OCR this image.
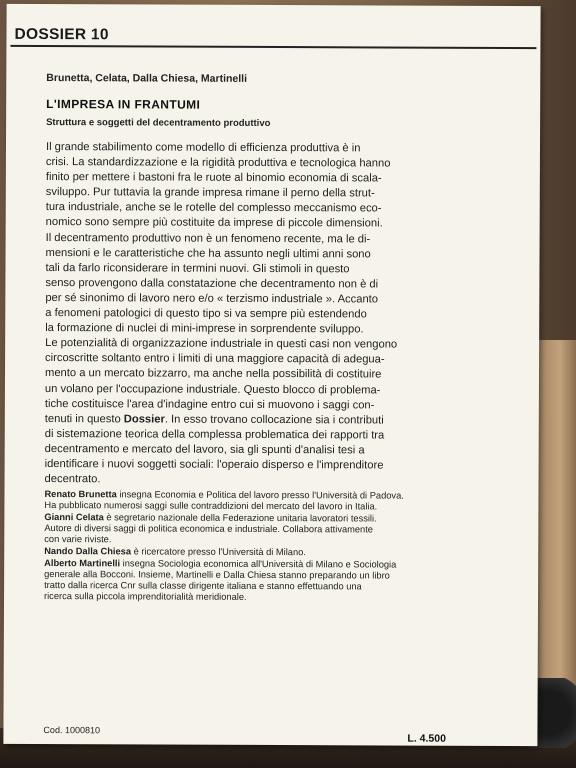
DOSSIER 10
Brunetta, Celata, Dalla Chiesa, Martinelli
L'IMPRESA IN FRANTUMI
Struttura e soggetti del decentramento produttivo
Il grande stabilimento come modello di efficienza produttiva è in
crisi. La standardizzazione e la rigidità produttiva e tecnologica hanno
finito per mettere i bastoni fra le ruote al binomio economia di scala-
sviluppo. Pur tuttavia la grande impresa rimane il perno della strut-
tura industriale, anche se le rotelle del complesso meccanismo eco-
nomico sono sempre più costituite da imprese di piccole dimensioni.
Il decentramento produttivo non è un fenomeno recente, ma le di-
mensioni e le caratteristiche che ha assunto negli ultimi anni sono
tali da farlo riconsiderare in termini nuovi. Gli stimoli in questo
senso provengono dalla constatazione che decentramento non è di
per sé sinonimo di lavoro nero e/o « terzismo industriale ». Accanto
a fenomeni patologici di questo tipo si va sempre più estendendo
la formazione di nuclei di mini-imprese in sorprendente sviluppo.
Le potenzialità di organizzazione industriale in questi casi non vengono
circoscritte soltanto entro i limiti di una maggiore capacità di adegua-
mento a un mercato bizzarro, ma anche nella possibilità di costituire
un volano per l'occupazione industriale. Questo blocco di problema-
tiche costituisce l'area d'indagine entro cui si muovono i saggi con-
tenuti in questo Dossier. In esso trovano collocazione sia i contributi
di sistemazione teorica della complessa problematica dei rapporti tra
decentramento e mercato del lavoro, sia gli spunti d'analisi tesi a
identificare i nuovi soggetti sociali: l'operaio disperso e l'imprenditore
decentrato.
Renato Brunetta insegna Economia e Politica del lavoro presso l'Università di Padova.
Ha pubblicato numerosi saggi sulle contraddizioni del mercato del lavoro in Italia.
Gianni Celata è segretario nazionale della Federazione unitaria lavoratori tessili.
Autore di diversi saggi di politica economica e industriale. Collabora attivamente
con varie riviste.
Nando Dalla Chiesa è ricercatore presso l'Università di Milano.
Alberto Martinelli insegna Sociologia economica all'Università di Milano e Sociologia
generale alla Bocconi. Insieme, Martinelli e Dalla Chiesa stanno preparando un libro
tratto dalla ricerca Cnr sulla classe dirigente italiana e stanno effettuando una
ricerca sulla piccola imprenditorialità meridionale.
Cod. 1000810
L. 4.500
